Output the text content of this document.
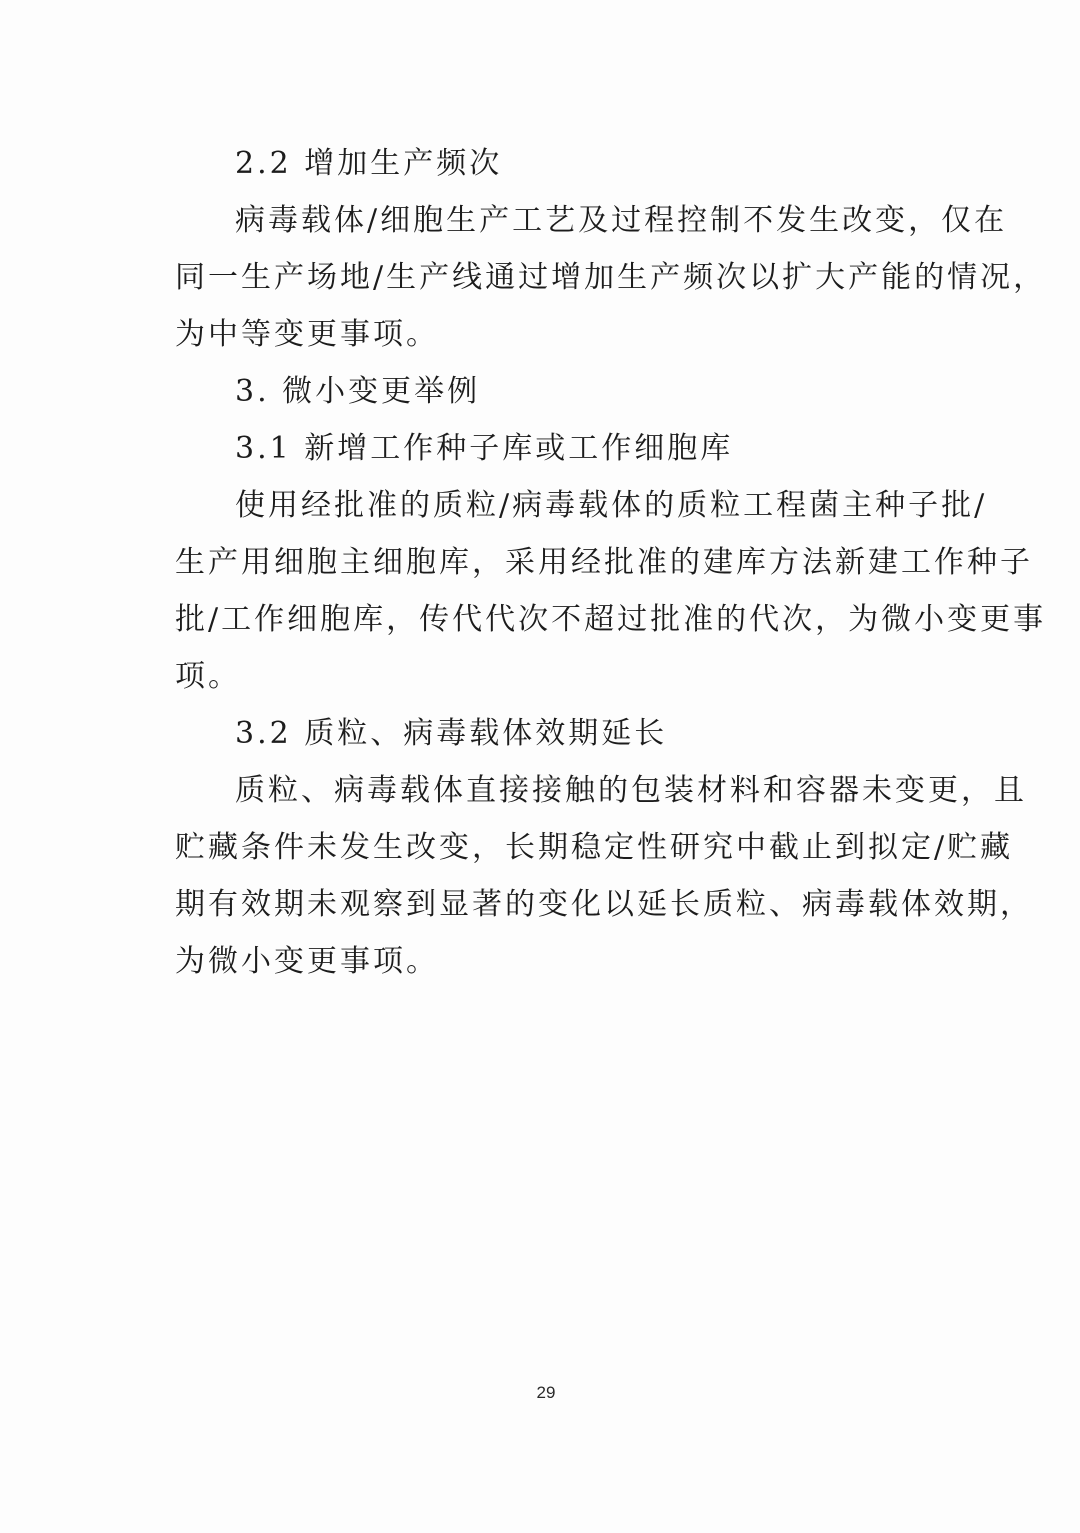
2.2 增加生产频次

病毒载体/细胞生产工艺及过程控制不发生改变，仅在
同一生产场地/生产线通过增加生产频次以扩大产能的情况，
为中等变更事项。

3. 微小变更举例

3.1 新增工作种子库或工作细胞库

使用经批准的质粒/病毒载体的质粒工程菌主种子批/
生产用细胞主细胞库，采用经批准的建库方法新建工作种子
批/工作细胞库，传代代次不超过批准的代次，为微小变更事
项。

3.2 质粒、病毒载体效期延长

质粒、病毒载体直接接触的包装材料和容器未变更，且
贮藏条件未发生改变，长期稳定性研究中截止到拟定/贮藏
期有效期未观察到显著的变化以延长质粒、病毒载体效期，
为微小变更事项。

29
